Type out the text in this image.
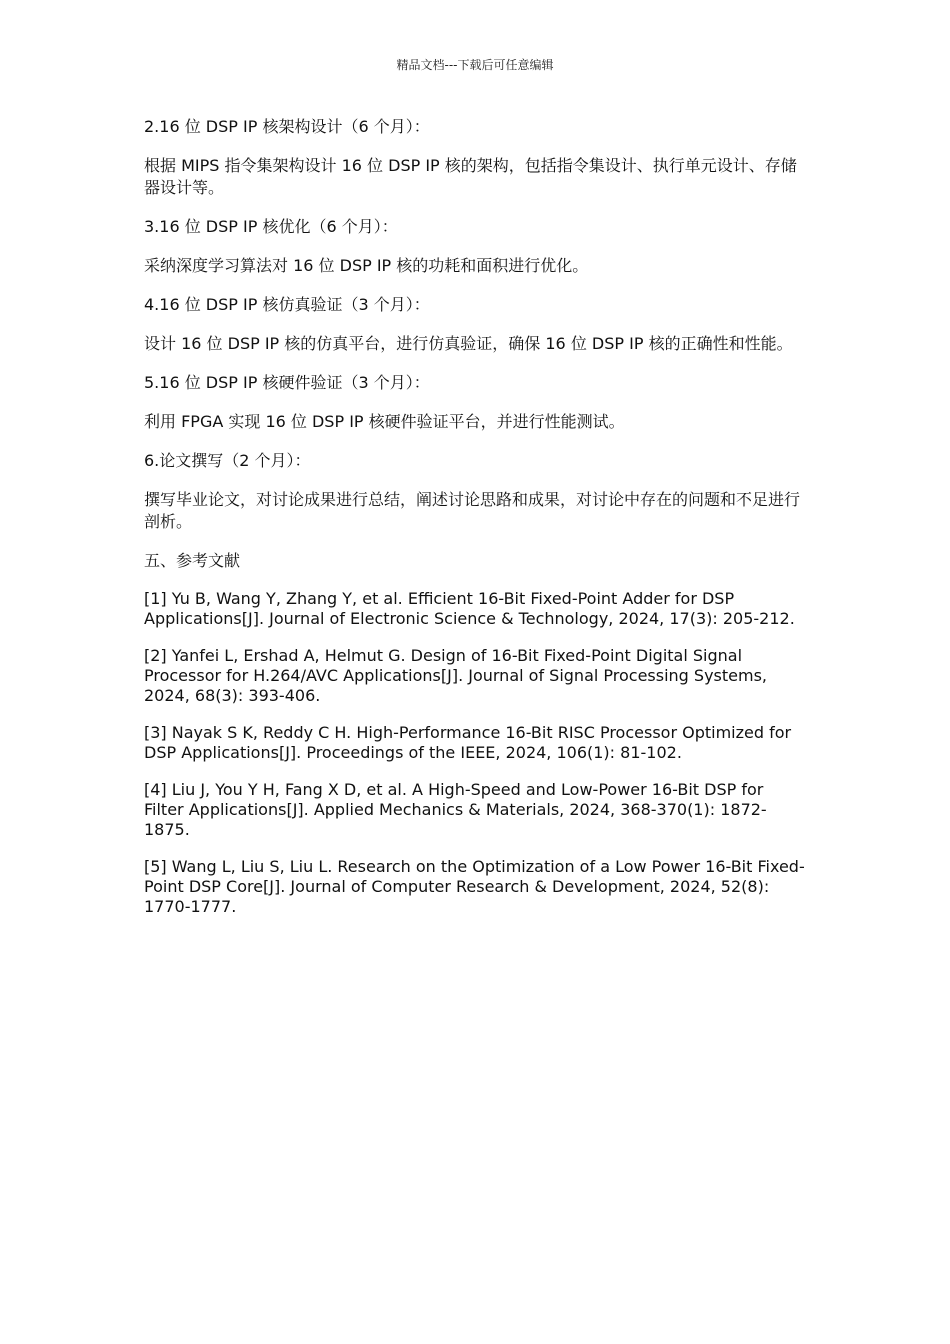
精品文档---下载后可任意编辑

2.16 位 DSP IP 核架构设计（6 个月）：

根据 MIPS 指令集架构设计 16 位 DSP IP 核的架构，包括指令集设计、执行单元设计、存储器设计等。

3.16 位 DSP IP 核优化（6 个月）：

采纳深度学习算法对 16 位 DSP IP 核的功耗和面积进行优化。

4.16 位 DSP IP 核仿真验证（3 个月）：

设计 16 位 DSP IP 核的仿真平台，进行仿真验证，确保 16 位 DSP IP 核的正确性和性能。

5.16 位 DSP IP 核硬件验证（3 个月）：

利用 FPGA 实现 16 位 DSP IP 核硬件验证平台，并进行性能测试。

6.论文撰写（2 个月）：

撰写毕业论文，对讨论成果进行总结，阐述讨论思路和成果，对讨论中存在的问题和不足进行剖析。

五、参考文献

[1] Yu B, Wang Y, Zhang Y, et al. Efficient 16-Bit Fixed-Point Adder for DSP Applications[J]. Journal of Electronic Science & Technology, 2024, 17(3): 205-212.

[2] Yanfei L, Ershad A, Helmut G. Design of 16-Bit Fixed-Point Digital Signal Processor for H.264/AVC Applications[J]. Journal of Signal Processing Systems, 2024, 68(3): 393-406.

[3] Nayak S K, Reddy C H. High-Performance 16-Bit RISC Processor Optimized for DSP Applications[J]. Proceedings of the IEEE, 2024, 106(1): 81-102.

[4] Liu J, You Y H, Fang X D, et al. A High-Speed and Low-Power 16-Bit DSP for Filter Applications[J]. Applied Mechanics & Materials, 2024, 368-370(1): 1872-1875.

[5] Wang L, Liu S, Liu L. Research on the Optimization of a Low Power 16-Bit Fixed-Point DSP Core[J]. Journal of Computer Research & Development, 2024, 52(8): 1770-1777.
